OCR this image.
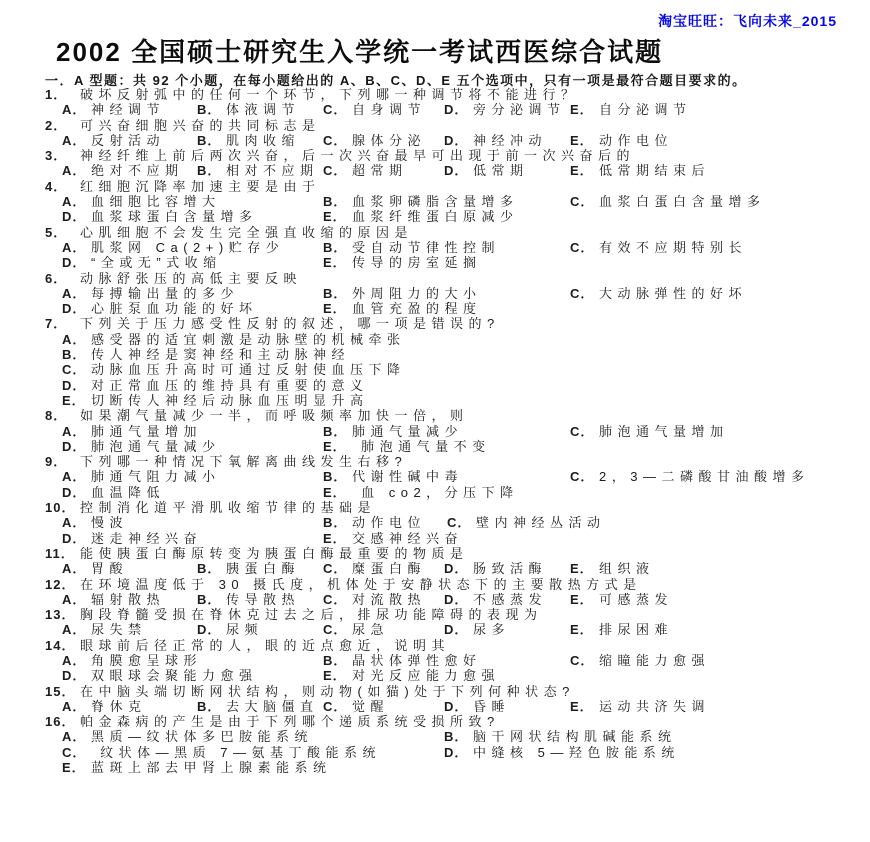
淘宝旺旺：飞向未来_2015
2002 全国硕士研究生入学统一考试西医综合试题
一．A 型题：共 92 个小题，在每小题给出的 A、B、C、D、E 五个选项中，只有一项是最符合题目要求的。
1． 破坏反射弧中的任何一个环节，下列哪一种调节将不能进行？
A． 神经调节	B． 体液调节	C． 自身调节	D． 旁分泌调节 E． 自分泌调节
2． 可兴奋细胞兴奋的共同标志是
A． 反射活动	B． 肌肉收缩	C． 腺体分泌	D． 神经冲动	E． 动作电位
3． 神经纤维上前后两次兴奋，后一次兴奋最早可出现于前一次兴奋后的
A． 绝对不应期	B． 相对不应期 C． 超常期	D． 低常期	E． 低常期结束后
4． 红细胞沉降率加速主要是由于
A． 血细胞比容增大	B． 血浆卵磷脂含量增多	C． 血浆白蛋白含量增多
D． 血浆球蛋白含量增多	E． 血浆纤维蛋白原减少
5． 心肌细胞不会发生完全强直收缩的原因是
A． 肌浆网 Ca(2+)贮存少	B． 受自动节律性控制	C． 有效不应期特别长
D． “全或无”式收缩	E． 传导的房室延搁
6． 动脉舒张压的高低主要反映
A． 每搏输出量的多少	B． 外周阻力的大小	C． 大动脉弹性的好坏
D． 心脏泵血功能的好坏	E． 血管充盈的程度
7． 下列关于压力感受性反射的叙述，哪一项是错误的?
A． 感受器的适宜刺激是动脉壁的机械牵张
B． 传人神经是窦神经和主动脉神经
C． 动脉血压升高时可通过反射使血压下降
D． 对正常血压的维持具有重要的意义
E． 切断传人神经后动脉血压明显升高
8． 如果潮气量减少一半，而呼吸频率加快一倍，则
A． 肺通气量增加	B． 肺通气量减少	C． 肺泡通气量增加
D． 肺泡通气量减少	E． 肺泡通气量不变
9． 下列哪一种情况下氧解离曲线发生右移?
A． 肺通气阻力减小	B． 代谢性碱中毒	C． 2，3—二磷酸甘油酸增多
D． 血温降低	E． 血 co2，分压下降
10． 控制消化道平滑肌收缩节律的基础是
A． 慢波	B． 动作电位	C． 壁内神经丛活动
D． 迷走神经兴奋	E． 交感神经兴奋
11． 能使胰蛋白酶原转变为胰蛋白酶最重要的物质是
A． 胃酸	B． 胰蛋白酶	C． 糜蛋白酶	D． 肠致活酶	E． 组织液
12． 在环境温度低于 30 摄氏度，机体处于安静状态下的主要散热方式是
A． 辐射散热	B． 传导散热	C． 对流散热	D． 不感蒸发	E． 可感蒸发
13． 胸段脊髓受损在脊休克过去之后，排尿功能障碍的表现为
A． 尿失禁	D． 尿频	C． 尿急	D． 尿多	E． 排尿困难
14． 眼球前后径正常的人，眼的近点愈近，说明其
A． 角膜愈呈球形	B． 晶状体弹性愈好	C． 缩瞳能力愈强
D． 双眼球会聚能力愈强	E． 对光反应能力愈强
15． 在中脑头端切断网状结构，则动物(如猫)处于下列何种状态?
A． 脊休克	B． 去大脑僵直 C． 觉醒	D． 昏睡	E． 运动共济失调
16． 帕金森病的产生是由于下列哪个递质系统受损所致?
A． 黑质—纹状体多巴胺能系统	B． 脑干网状结构肌碱能系统
C． 纹状体—黑质 7—氨基丁酸能系统	D． 中缝核 5—羟色胺能系统
E． 蓝斑上部去甲肾上腺素能系统
